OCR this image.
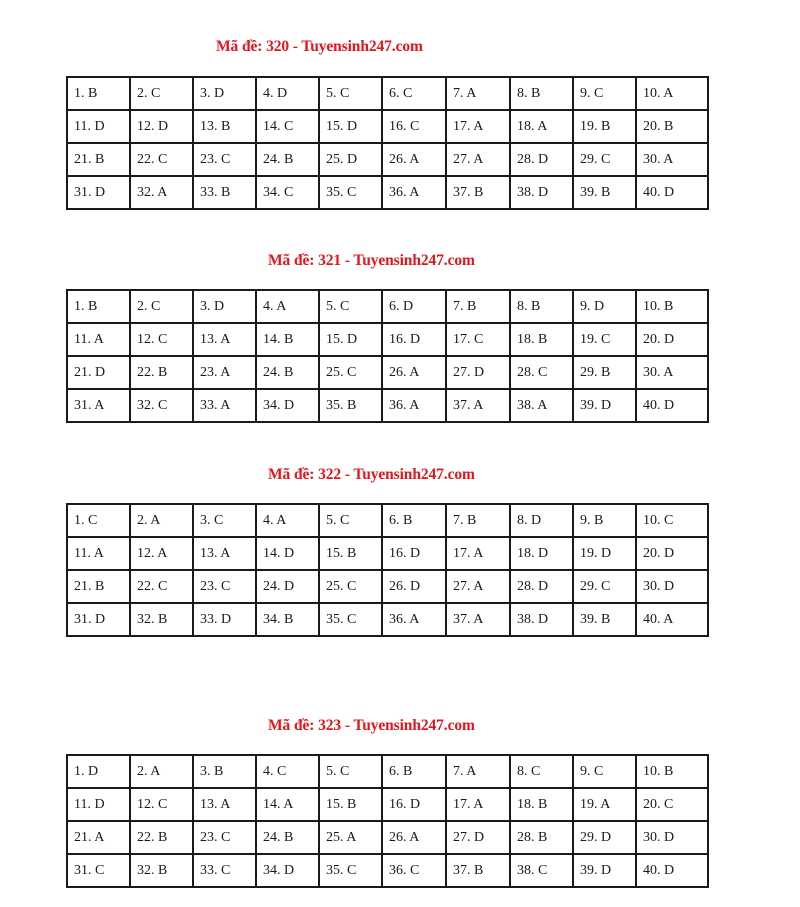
Mã đề: 320 - Tuyensinh247.com
1. B	2. C	3. D	4. D	5. C	6. C	7. A	8. B	9. C	10. A
11. D	12. D	13. B	14. C	15. D	16. C	17. A	18. A	19. B	20. B
21. B	22. C	23. C	24. B	25. D	26. A	27. A	28. D	29. C	30. A
31. D	32. A	33. B	34. C	35. C	36. A	37. B	38. D	39. B	40. D
Mã đề: 321 - Tuyensinh247.com
1. B	2. C	3. D	4. A	5. C	6. D	7. B	8. B	9. D	10. B
11. A	12. C	13. A	14. B	15. D	16. D	17. C	18. B	19. C	20. D
21. D	22. B	23. A	24. B	25. C	26. A	27. D	28. C	29. B	30. A
31. A	32. C	33. A	34. D	35. B	36. A	37. A	38. A	39. D	40. D
Mã đề: 322 - Tuyensinh247.com
1. C	2. A	3. C	4. A	5. C	6. B	7. B	8. D	9. B	10. C
11. A	12. A	13. A	14. D	15. B	16. D	17. A	18. D	19. D	20. D
21. B	22. C	23. C	24. D	25. C	26. D	27. A	28. D	29. C	30. D
31. D	32. B	33. D	34. B	35. C	36. A	37. A	38. D	39. B	40. A
Mã đề: 323 - Tuyensinh247.com
1. D	2. A	3. B	4. C	5. C	6. B	7. A	8. C	9. C	10. B
11. D	12. C	13. A	14. A	15. B	16. D	17. A	18. B	19. A	20. C
21. A	22. B	23. C	24. B	25. A	26. A	27. D	28. B	29. D	30. D
31. C	32. B	33. C	34. D	35. C	36. C	37. B	38. C	39. D	40. D
